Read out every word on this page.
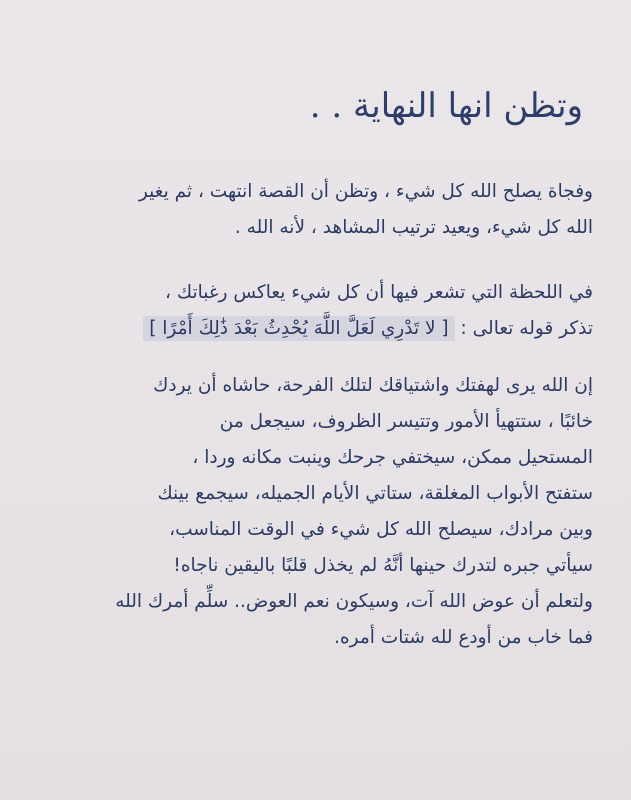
وتظن انها النهاية . .
وفجاة يصلح الله كل شيء ، وتظن أن القصة انتهت ، ثم يغير
الله كل شيء، ويعيد ترتيب المشاهد ، لأنه الله .
في اللحظة التي تشعر فيها أن كل شيء يعاكس رغباتك ،
تذكر قوله تعالى : [ لا تَدْرِي لَعَلَّ اللَّهَ يُحْدِثُ بَعْدَ ذَٰلِكَ أَمْرًا ]
إن الله يرى لهفتك واشتياقك لتلك الفرحة، حاشاه أن يردك
خائبًا ، ستتهيأ الأمور وتتيسر الظروف، سيجعل من
المستحيل ممكن، سيختفي جرحك وينبت مكانه وردا ،
ستفتح الأبواب المغلقة، ستاتي الأيام الجميله، سيجمع بينك
وبين مرادك، سيصلح الله كل شيء في الوقت المناسب،
سيأتي جبره لتدرك حينها أنَّهُ لم يخذل قلبًا باليقين ناجاه!
ولتعلم أن عوض الله آت، وسيكون نعم العوض.. سلِّم أمرك الله
فما خاب من أودع لله شتات أمره.
